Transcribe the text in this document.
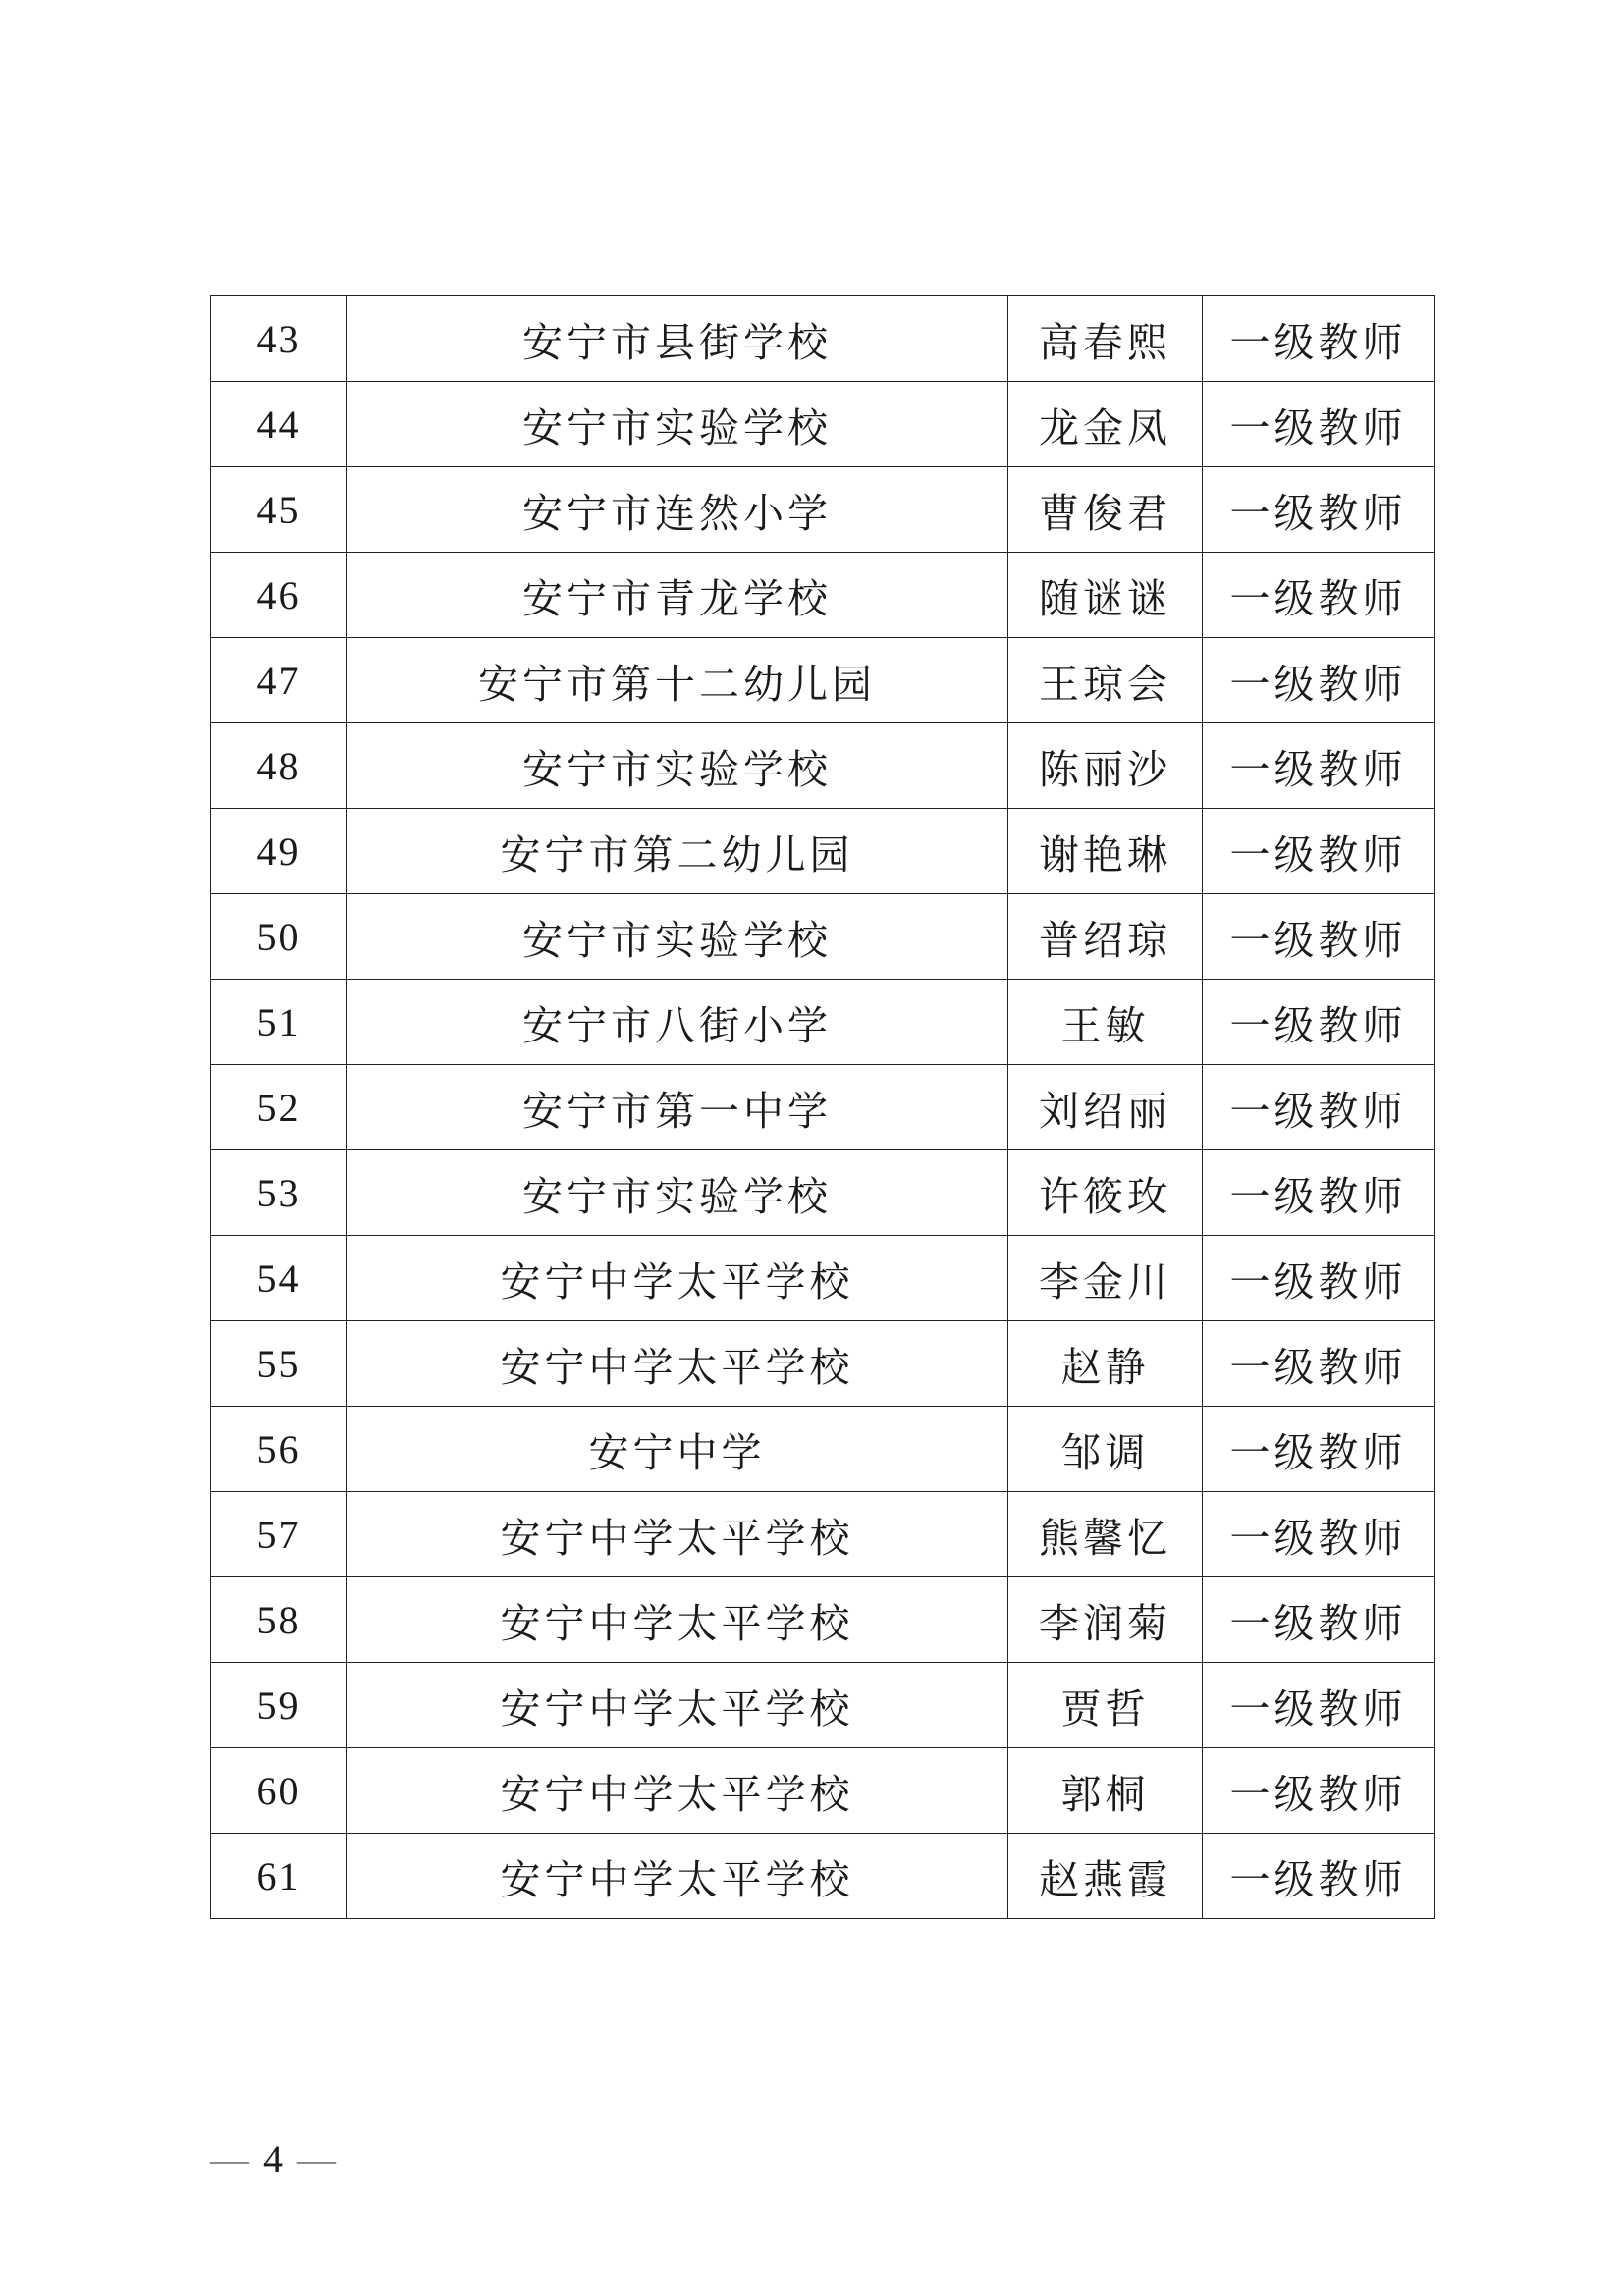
43	安宁市县街学校	高春熙	一级教师
44	安宁市实验学校	龙金凤	一级教师
45	安宁市连然小学	曹俊君	一级教师
46	安宁市青龙学校	随谜谜	一级教师
47	安宁市第十二幼儿园	王琼会	一级教师
48	安宁市实验学校	陈丽沙	一级教师
49	安宁市第二幼儿园	谢艳琳	一级教师
50	安宁市实验学校	普绍琼	一级教师
51	安宁市八街小学	王敏	一级教师
52	安宁市第一中学	刘绍丽	一级教师
53	安宁市实验学校	许筱玫	一级教师
54	安宁中学太平学校	李金川	一级教师
55	安宁中学太平学校	赵静	一级教师
56	安宁中学	邹调	一级教师
57	安宁中学太平学校	熊馨忆	一级教师
58	安宁中学太平学校	李润菊	一级教师
59	安宁中学太平学校	贾哲	一级教师
60	安宁中学太平学校	郭桐	一级教师
61	安宁中学太平学校	赵燕霞	一级教师
— 4 —
